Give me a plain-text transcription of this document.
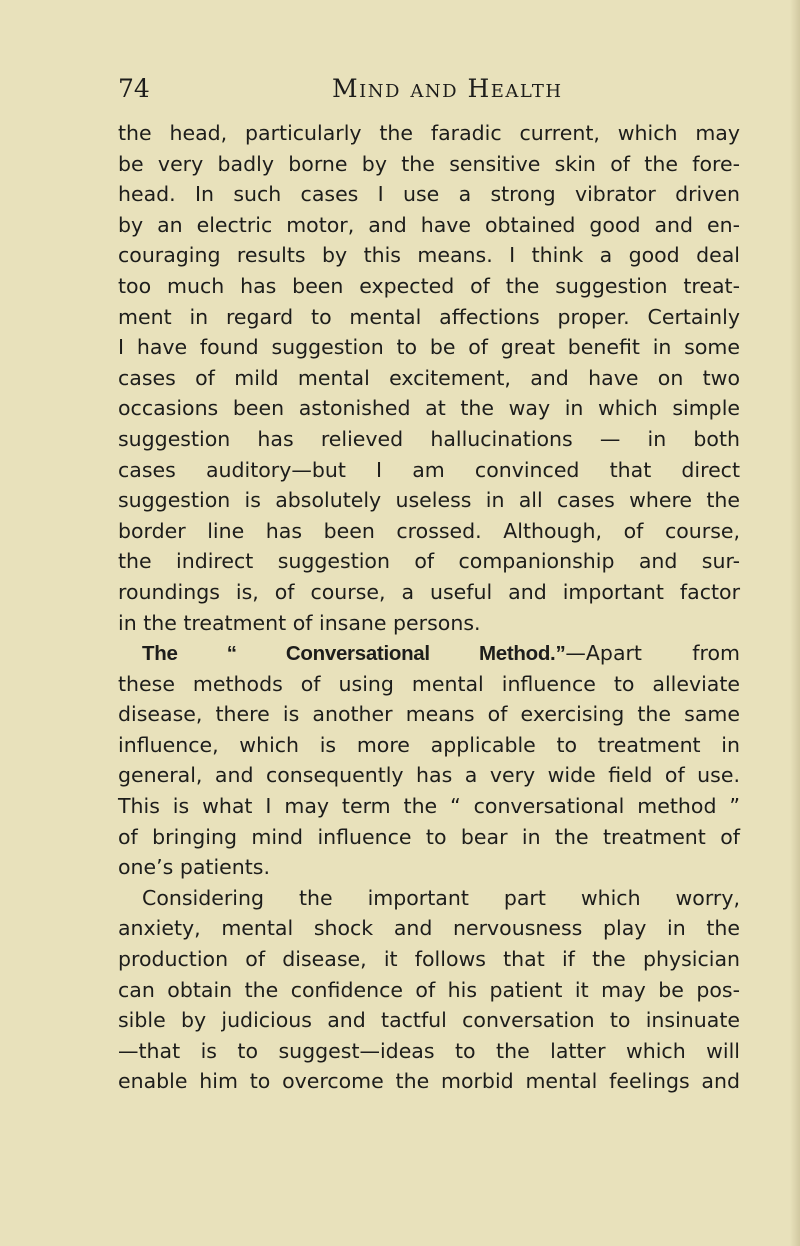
74	Mind and Health
the head, particularly the faradic current, which may
be very badly borne by the sensitive skin of the fore-
head. In such cases I use a strong vibrator driven
by an electric motor, and have obtained good and en-
couraging results by this means. I think a good deal
too much has been expected of the suggestion treat-
ment in regard to mental affections proper. Certainly
I have found suggestion to be of great benefit in some
cases of mild mental excitement, and have on two
occasions been astonished at the way in which simple
suggestion has relieved hallucinations — in both
cases auditory—but I am convinced that direct
suggestion is absolutely useless in all cases where the
border line has been crossed. Although, of course,
the indirect suggestion of companionship and sur-
roundings is, of course, a useful and important factor
in the treatment of insane persons.
The “ Conversational Method.”—Apart from
these methods of using mental influence to alleviate
disease, there is another means of exercising the same
influence, which is more applicable to treatment in
general, and consequently has a very wide field of use.
This is what I may term the “ conversational method ”
of bringing mind influence to bear in the treatment of
one’s patients.
Considering the important part which worry,
anxiety, mental shock and nervousness play in the
production of disease, it follows that if the physician
can obtain the confidence of his patient it may be pos-
sible by judicious and tactful conversation to insinuate
—that is to suggest—ideas to the latter which will
enable him to overcome the morbid mental feelings and
